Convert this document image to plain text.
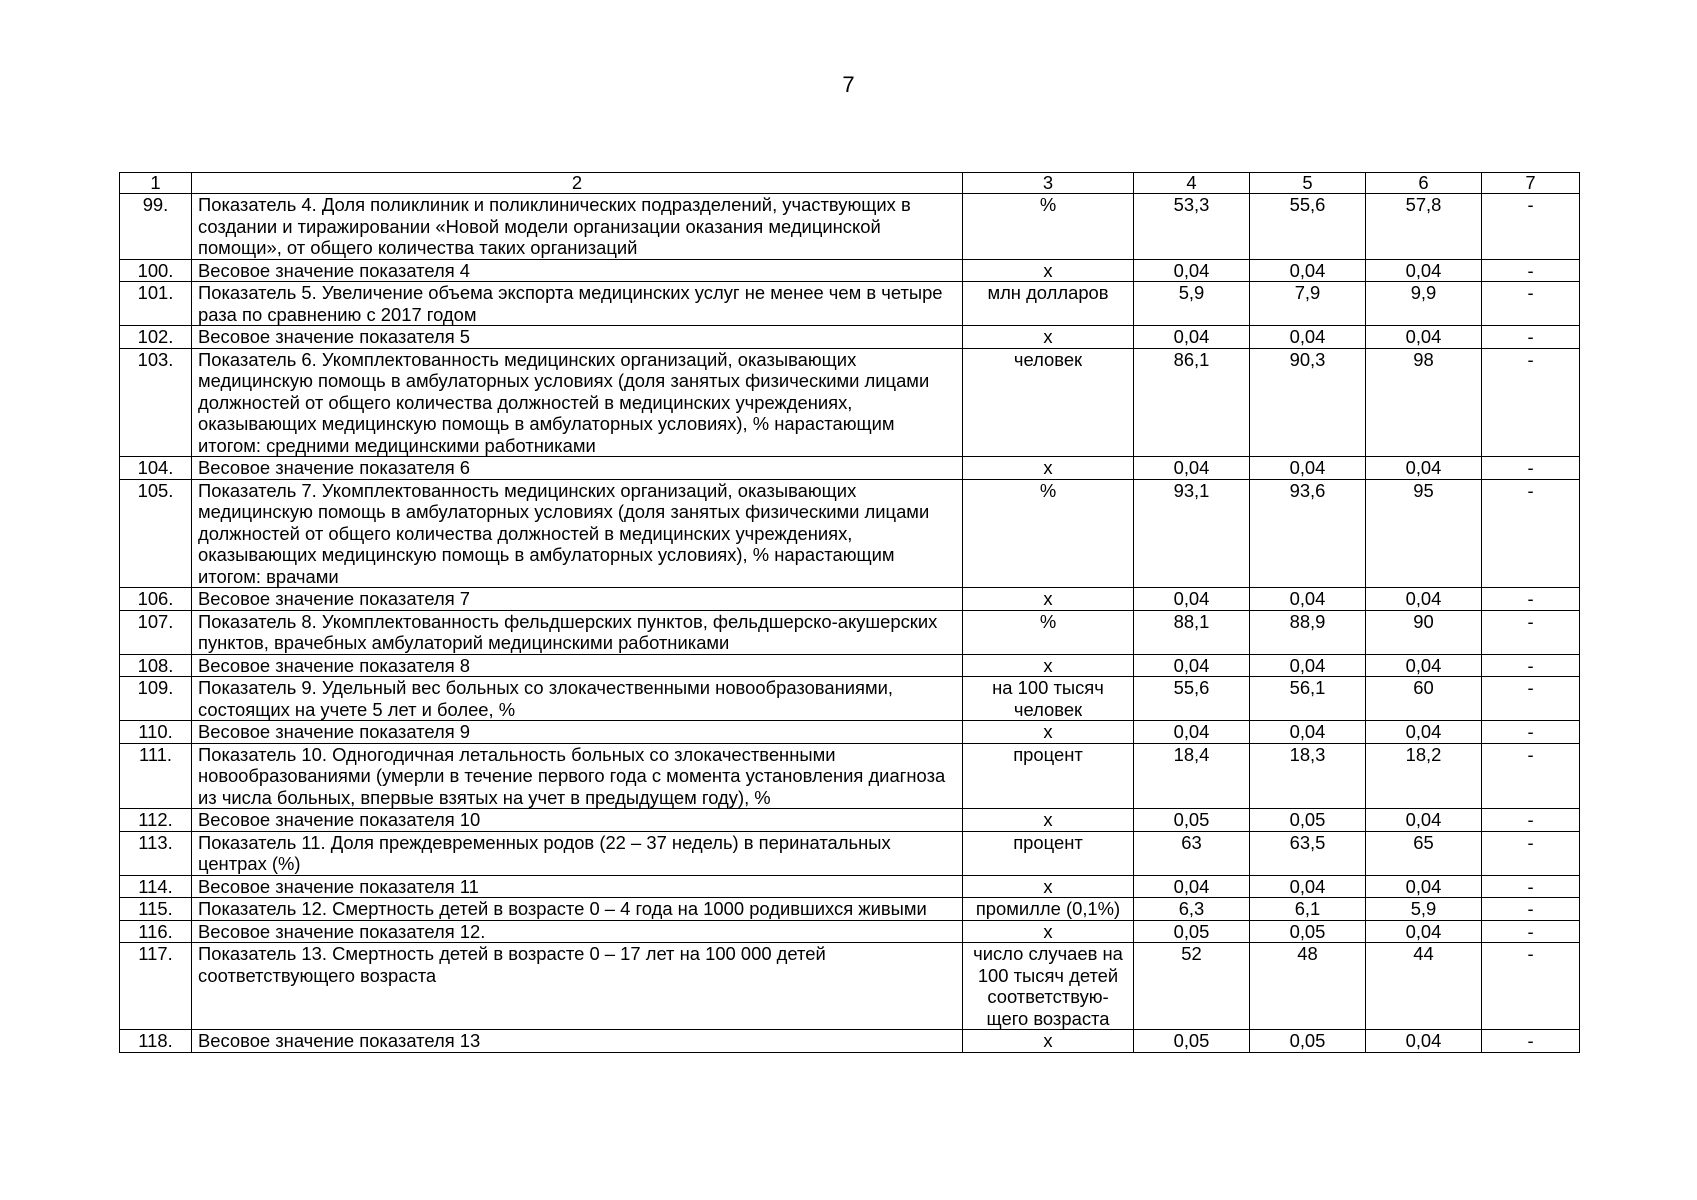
7
1	2	3	4	5	6	7
99.	Показатель 4. Доля поликлиник и поликлинических подразделений, участвующих в создании и тиражировании «Новой модели организации оказания медицинской помощи», от общего количества таких организаций	%	53,3	55,6	57,8	-
100.	Весовое значение показателя 4	x	0,04	0,04	0,04	-
101.	Показатель 5. Увеличение объема экспорта медицинских услуг не менее чем в четыре раза по сравнению с 2017 годом	млн долларов	5,9	7,9	9,9	-
102.	Весовое значение показателя 5	x	0,04	0,04	0,04	-
103.	Показатель 6. Укомплектованность медицинских организаций, оказывающих медицинскую помощь в амбулаторных условиях (доля занятых физическими лицами должностей от общего количества должностей в медицинских учреждениях, оказывающих медицинскую помощь в амбулаторных условиях), % нарастающим итогом: средними медицинскими работниками	человек	86,1	90,3	98	-
104.	Весовое значение показателя 6	x	0,04	0,04	0,04	-
105.	Показатель 7. Укомплектованность медицинских организаций, оказывающих медицинскую помощь в амбулаторных условиях (доля занятых физическими лицами должностей от общего количества должностей в медицинских учреждениях, оказывающих медицинскую помощь в амбулаторных условиях), % нарастающим итогом: врачами	%	93,1	93,6	95	-
106.	Весовое значение показателя 7	x	0,04	0,04	0,04	-
107.	Показатель 8. Укомплектованность фельдшерских пунктов, фельдшерско-акушерских пунктов, врачебных амбулаторий медицинскими работниками	%	88,1	88,9	90	-
108.	Весовое значение показателя 8	x	0,04	0,04	0,04	-
109.	Показатель 9. Удельный вес больных со злокачественными новообразованиями, состоящих на учете 5 лет и более, %	на 100 тысяч человек	55,6	56,1	60	-
110.	Весовое значение показателя 9	x	0,04	0,04	0,04	-
111.	Показатель 10. Одногодичная летальность больных со злокачественными новообразованиями (умерли в течение первого года с момента установления диагноза из числа больных, впервые взятых на учет в предыдущем году), %	процент	18,4	18,3	18,2	-
112.	Весовое значение показателя 10	x	0,05	0,05	0,04	-
113.	Показатель 11. Доля преждевременных родов (22 – 37 недель) в перинатальных центрах (%)	процент	63	63,5	65	-
114.	Весовое значение показателя 11	x	0,04	0,04	0,04	-
115.	Показатель 12. Смертность детей в возрасте 0 – 4 года на 1000 родившихся живыми	промилле (0,1%)	6,3	6,1	5,9	-
116.	Весовое значение показателя 12.	x	0,05	0,05	0,04	-
117.	Показатель 13. Смертность детей в возрасте 0 – 17 лет на 100 000 детей соответствующего возраста	число случаев на 100 тысяч детей соответствую-щего возраста	52	48	44	-
118.	Весовое значение показателя 13	x	0,05	0,05	0,04	-
